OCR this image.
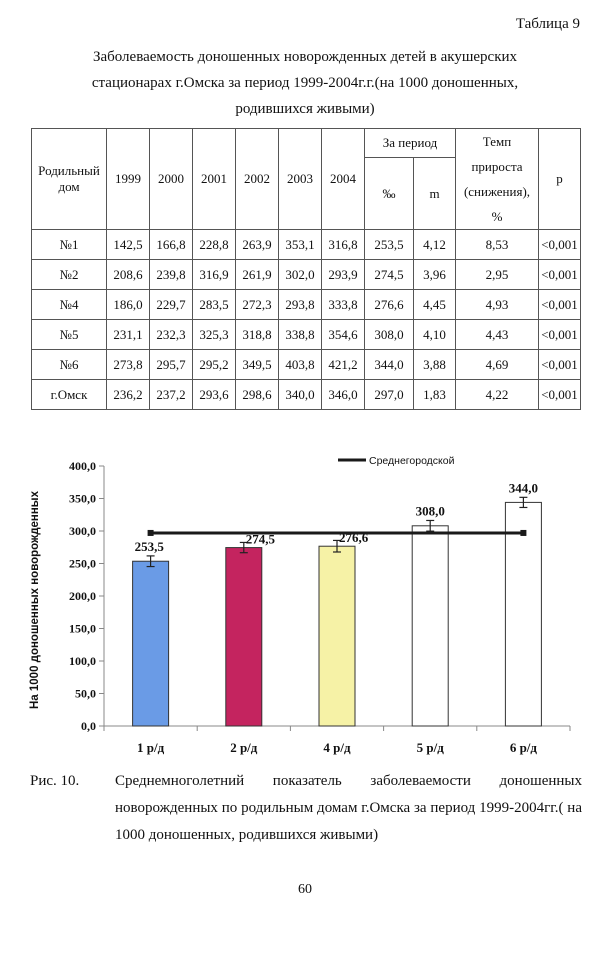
Таблица 9
Заболеваемость доношенных новорожденных детей в акушерских
стационарах г.Омска за период 1999-2004г.г.(на 1000 доношенных,
родившихся живыми)
Родильный дом	1999	2000	2001	2002	2003	2004	За период		Темп прироста (снижения), %	р
							‰	m		
№1	142,5	166,8	228,8	263,9	353,1	316,8	253,5	4,12	8,53	<0,001
№2	208,6	239,8	316,9	261,9	302,0	293,9	274,5	3,96	2,95	<0,001
№4	186,0	229,7	283,5	272,3	293,8	333,8	276,6	4,45	4,93	<0,001
№5	231,1	232,3	325,3	318,8	338,8	354,6	308,0	4,10	4,43	<0,001
№6	273,8	295,7	295,2	349,5	403,8	421,2	344,0	3,88	4,69	<0,001
г.Омск	236,2	237,2	293,6	298,6	340,0	346,0	297,0	1,83	4,22	<0,001
0,0
50,0
100,0
150,0
200,0
250,0
300,0
350,0
400,0
На 1000 доношенных новорожденных	253,5
1 р/д
274,5
2 р/д
276,6
4 р/д
308,0
5 р/д
344,0
6 р/д
Среднегородской
Рис. 10.	Среднемноголетний показатель заболеваемости доношенных новорожденных по родильным домам г.Омска за период 1999-2004гг.( на 1000 доношенных, родившихся живыми)
60
